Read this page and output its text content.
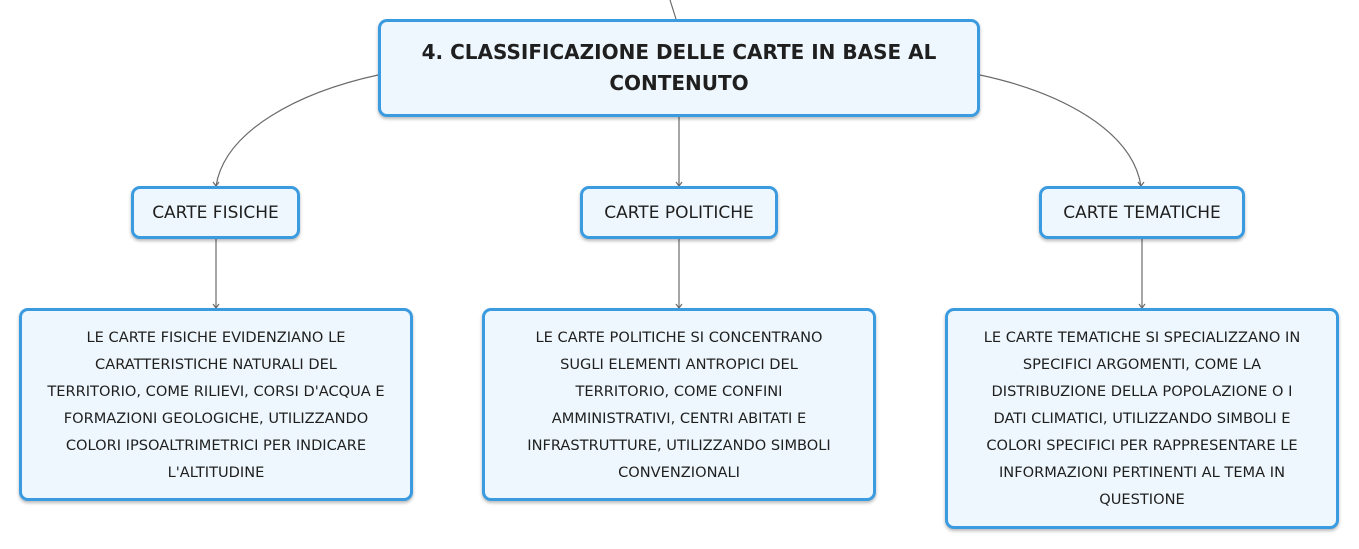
4. CLASSIFICAZIONE DELLE CARTE IN BASE AL
CONTENUTO
CARTE FISICHE	CARTE POLITICHE	CARTE TEMATICHE
LE CARTE FISICHE EVIDENZIANO LE
CARATTERISTICHE NATURALI DEL
TERRITORIO, COME RILIEVI, CORSI D'ACQUA E
FORMAZIONI GEOLOGICHE, UTILIZZANDO
COLORI IPSOALTRIMETRICI PER INDICARE
L'ALTITUDINE
LE CARTE POLITICHE SI CONCENTRANO
SUGLI ELEMENTI ANTROPICI DEL
TERRITORIO, COME CONFINI
AMMINISTRATIVI, CENTRI ABITATI E
INFRASTRUTTURE, UTILIZZANDO SIMBOLI
CONVENZIONALI
LE CARTE TEMATICHE SI SPECIALIZZANO IN
SPECIFICI ARGOMENTI, COME LA
DISTRIBUZIONE DELLA POPOLAZIONE O I
DATI CLIMATICI, UTILIZZANDO SIMBOLI E
COLORI SPECIFICI PER RAPPRESENTARE LE
INFORMAZIONI PERTINENTI AL TEMA IN
QUESTIONE
